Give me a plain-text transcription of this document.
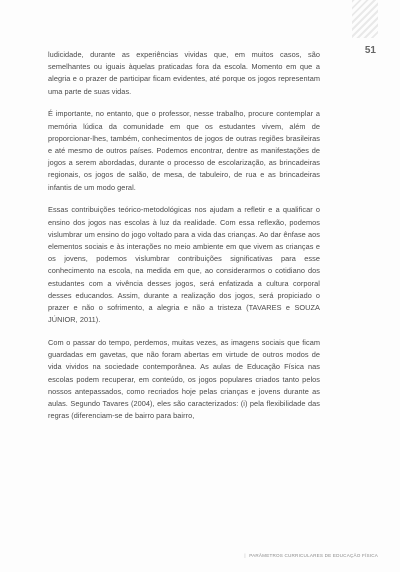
51

ludicidade, durante as experiências vividas que, em muitos casos, são semelhantes ou iguais àquelas praticadas fora da escola. Momento em que a alegria e o prazer de participar ficam evidentes, até porque os jogos representam uma parte de suas vidas.

É importante, no entanto, que o professor, nesse trabalho, procure contemplar a memória lúdica da comunidade em que os estudantes vivem, além de proporcionar-lhes, também, conhecimentos de jogos de outras regiões brasileiras e até mesmo de outros países. Podemos encontrar, dentre as manifestações de jogos a serem abordadas, durante o processo de escolarização, as brincadeiras regionais, os jogos de salão, de mesa, de tabuleiro, de rua e as brincadeiras infantis de um modo geral.

Essas contribuições teórico-metodológicas nos ajudam a refletir e a qualificar o ensino dos jogos nas escolas à luz da realidade. Com essa reflexão, podemos vislumbrar um ensino do jogo voltado para a vida das crianças. Ao dar ênfase aos elementos sociais e às interações no meio ambiente em que vivem as crianças e os jovens, podemos vislumbrar contribuições significativas para esse conhecimento na escola, na medida em que, ao considerarmos o cotidiano dos estudantes com a vivência desses jogos, será enfatizada a cultura corporal desses educandos. Assim, durante a realização dos jogos, será propiciado o prazer e não o sofrimento, a alegria e não a tristeza (TAVARES e SOUZA JÚNIOR, 2011).

Com o passar do tempo, perdemos, muitas vezes, as imagens sociais que ficam guardadas em gavetas, que não foram abertas em virtude de outros modos de vida vividos na sociedade contemporânea. As aulas de Educação Física nas escolas podem recuperar, em conteúdo, os jogos populares criados tanto pelos nossos antepassados, como recriados hoje pelas crianças e jovens durante as aulas. Segundo Tavares (2004), eles são caracterizados: (i) pela flexibilidade das regras (diferenciam-se de bairro para bairro,

| PARÂMETROS CURRICULARES DE EDUCAÇÃO FÍSICA
